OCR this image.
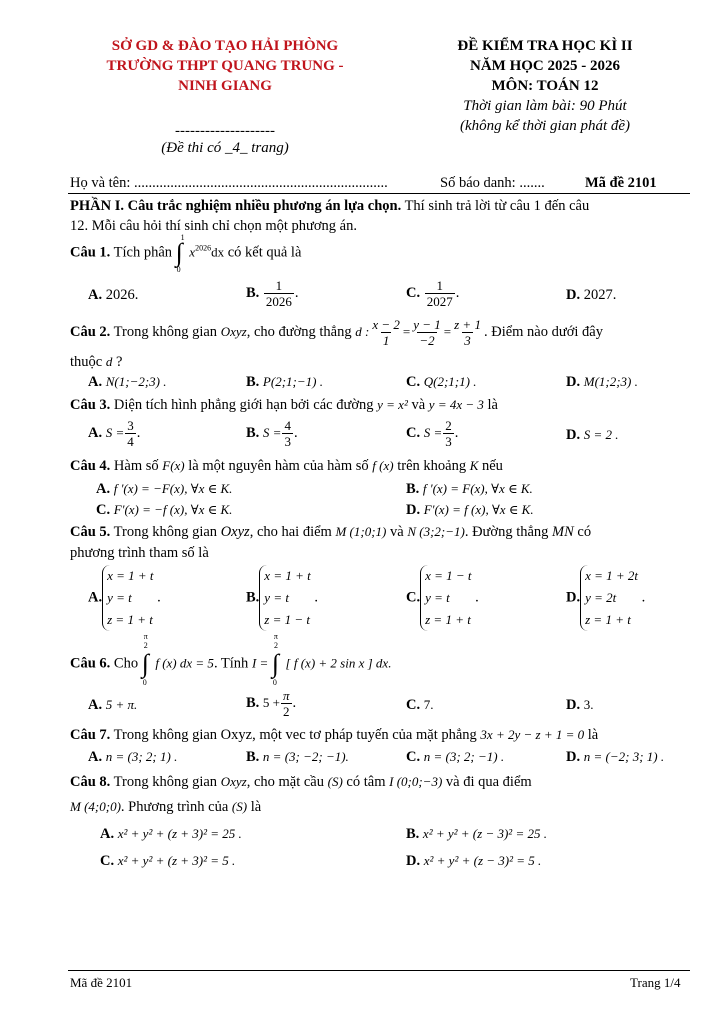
SỞ GD & ĐÀO TẠO HẢI PHÒNG
TRƯỜNG THPT QUANG TRUNG -
NINH GIANG
--------------------
(Đề thi có _4_ trang)
ĐỀ KIỂM TRA HỌC KÌ II
NĂM HỌC 2025 - 2026
MÔN: TOÁN 12
Thời gian làm bài: 90 Phút
(không kể thời gian phát đề)
Họ và tên: ......................................................................	Số báo danh: .......	Mã đề 2101
PHẦN I. Câu trắc nghiệm nhiều phương án lựa chọn. Thí sinh trả lời từ câu 1 đến câu
12. Mỗi câu hỏi thí sinh chỉ chọn một phương án.
Câu 1. Tích phân ∫
1
0
$x^{2026}dx$ có kết quả là
A. 2026.	B. $\frac{1}{2026}$ .	C. $\frac{1}{2027}$ .	D. 2027.
Câu 2. Trong không gian Oxyz, cho đường thẳng d : $\frac{x - 2}{1} = \frac{y - 1}{-2} = \frac{z + 1}{3}$ . Điểm nào dưới đây
thuộc d ?
A. N(1;−2;3) .	B. P(2;1;−1) .	C. Q(2;1;1) .	D. M(1;2;3) .
Câu 3. Diện tích hình phẳng giới hạn bởi các đường y = x² và y = 4x − 3 là
A. $S = \frac{3}{4}$ .	B. $S = \frac{4}{3}$ .	C. $S = \frac{2}{3}$ .	D. S = 2 .
Câu 4. Hàm số F(x) là một nguyên hàm của hàm số f (x) trên khoảng K nếu
A. f '(x) = −F(x), ∀x ∈ K.	B. f '(x) = F(x), ∀x ∈ K.
C. F'(x) = −f (x), ∀x ∈ K.	D. F'(x) = f (x), ∀x ∈ K.
Câu 5. Trong không gian Oxyz, cho hai điểm M (1;0;1) và N (3;2;−1). Đường thẳng MN có
phương trình tham số là
A.
x = 1 + t
y = t
z = 1 + t
.	B.
x = 1 + t
y = t
z = 1 − t
.	C.
x = 1 − t
y = t
z = 1 + t
.	D.
x = 1 + 2t
y = 2t
z = 1 + t
.
Câu 6. Cho ∫
π
2
0
f (x) dx = 5. Tính I = ∫
π
2
0
[ f (x) + 2 sin x ] dx.
A. 5 + π.	B. $5 + \frac{\pi}{2}$ .	C. 7.	D. 3.
Câu 7. Trong không gian Oxyz, một vec tơ pháp tuyến của mặt phẳng 3x + 2y − z + 1 = 0 là
A. n = (3; 2; 1) .	B. n = (3; −2; −1).	C. n = (3; 2; −1) .	D. n = (−2; 3; 1) .
Câu 8. Trong không gian Oxyz, cho mặt cầu (S) có tâm I (0;0;−3) và đi qua điểm
M (4;0;0). Phương trình của (S) là
A. x² + y² + (z + 3)² = 25 .	B. x² + y² + (z − 3)² = 25 .
C. x² + y² + (z + 3)² = 5 .	D. x² + y² + (z − 3)² = 5 .
Mã đề 2101	Trang 1/4
